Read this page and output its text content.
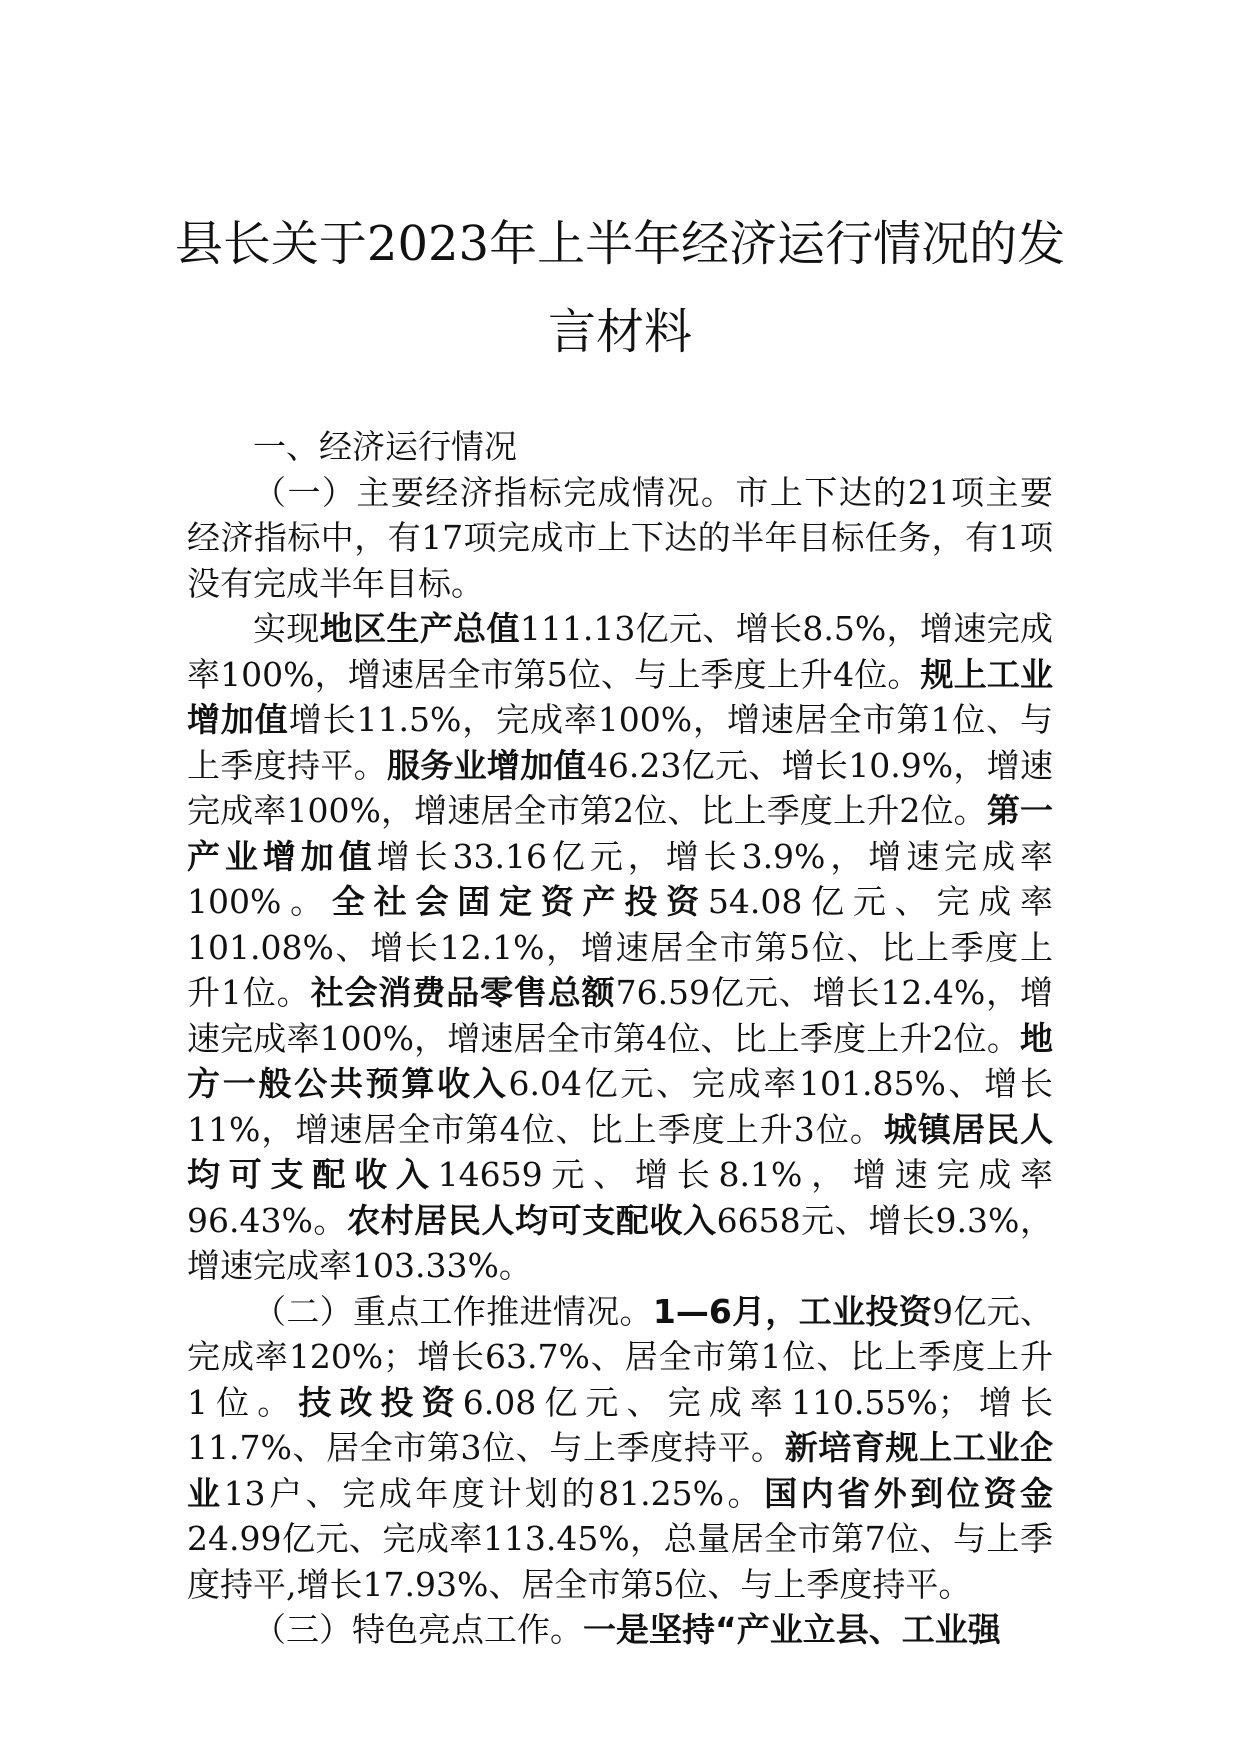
县长关于2023年上半年经济运行情况的发
言材料

一、经济运行情况

（一）主要经济指标完成情况。市上下达的21项主要经济指标中，有17项完成市上下达的半年目标任务，有1项没有完成半年目标。

实现地区生产总值111.13亿元、增长8.5%，增速完成率100%，增速居全市第5位、与上季度上升4位。规上工业增加值增长11.5%，完成率100%，增速居全市第1位、与上季度持平。服务业增加值46.23亿元、增长10.9%，增速完成率100%，增速居全市第2位、比上季度上升2位。第一产业增加值增长33.16亿元，增长3.9%，增速完成率100%。全社会固定资产投资54.08亿元、完成率101.08%、增长12.1%，增速居全市第5位、比上季度上升1位。社会消费品零售总额76.59亿元、增长12.4%，增速完成率100%，增速居全市第4位、比上季度上升2位。地方一般公共预算收入6.04亿元、完成率101.85%、增长11%，增速居全市第4位、比上季度上升3位。城镇居民人均可支配收入14659元、增长8.1%，增速完成率96.43%。农村居民人均可支配收入6658元、增长9.3%，增速完成率103.33%。

（二）重点工作推进情况。1—6月，工业投资9亿元、完成率120%；增长63.7%、居全市第1位、比上季度上升1位。技改投资6.08亿元、完成率110.55%；增长11.7%、居全市第3位、与上季度持平。新培育规上工业企业13户、完成年度计划的81.25%。国内省外到位资金24.99亿元、完成率113.45%，总量居全市第7位、与上季度持平,增长17.93%、居全市第5位、与上季度持平。

（三）特色亮点工作。一是坚持“产业立县、工业强
